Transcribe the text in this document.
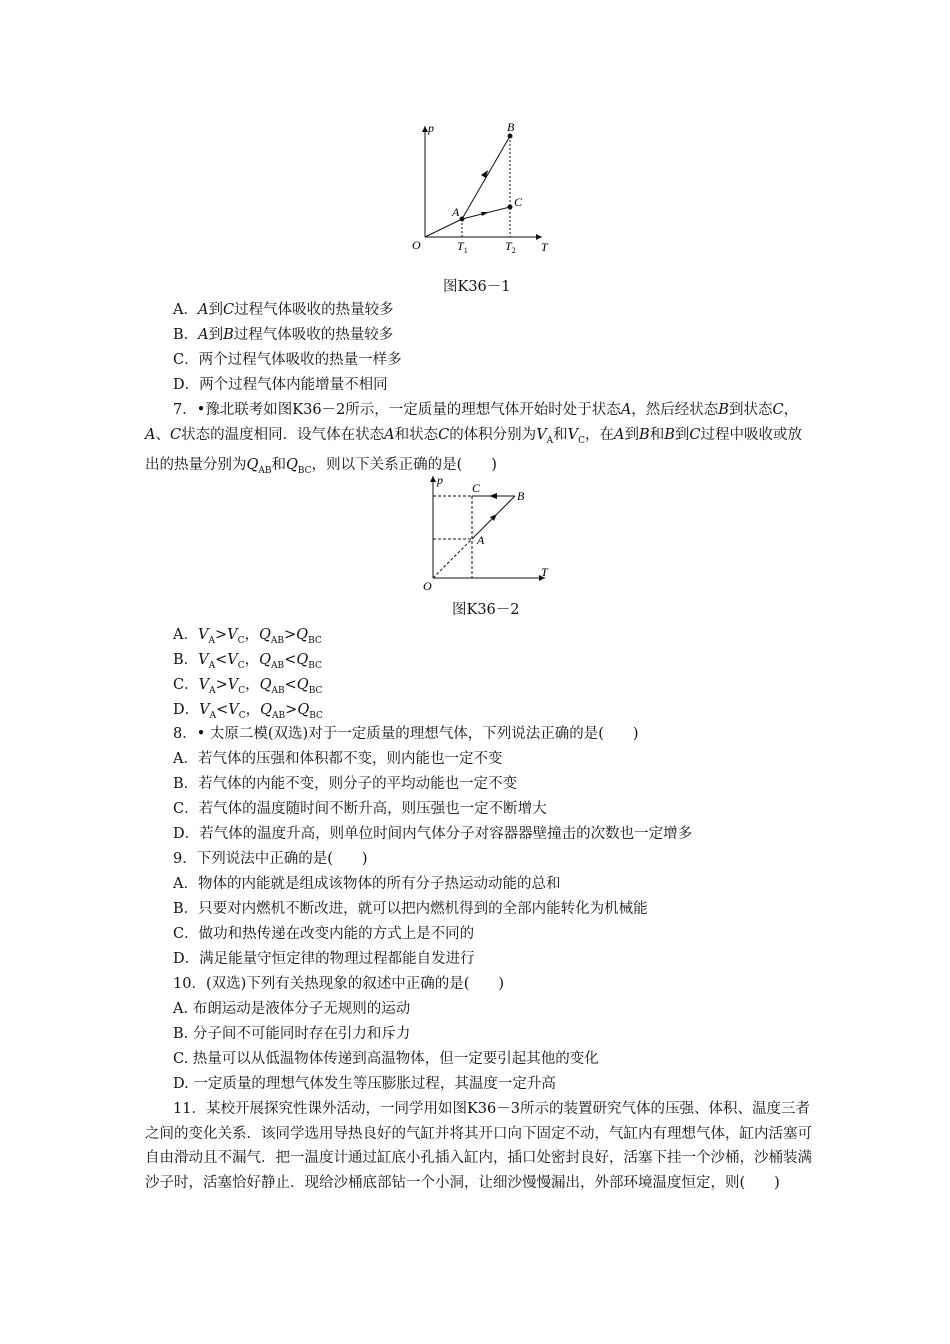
p
T
O
A
B
C
$T_1$	$T_2$
图K36－1
A．A到C过程气体吸收的热量较多
B．A到B过程气体吸收的热量较多
C．两个过程气体吸收的热量一样多
D．两个过程气体内能增量不相同
7．•豫北联考如图K36－2所示，一定质量的理想气体开始时处于状态A，然后经状态B到状态C，A、C状态的温度相同．设气体在状态A和状态C的体积分别为$V_A$和$V_C$，在A到B和B到C过程中吸收或放出的热量分别为$Q_{AB}$和$Q_{BC}$，则以下关系正确的是(　　)
p
T
O
A
B
C
图K36－2
A．$V_A>V_C$，$Q_{AB}>Q_{BC}$
B．$V_A<V_C$，$Q_{AB}<Q_{BC}$
C．$V_A>V_C$，$Q_{AB}<Q_{BC}$
D．$V_A<V_C$，$Q_{AB}>Q_{BC}$
8．• 太原二模(双选)对于一定质量的理想气体，下列说法正确的是(　　)
A．若气体的压强和体积都不变，则内能也一定不变
B．若气体的内能不变，则分子的平均动能也一定不变
C．若气体的温度随时间不断升高，则压强也一定不断增大
D．若气体的温度升高，则单位时间内气体分子对容器器壁撞击的次数也一定增多
9．下列说法中正确的是(　　)
A．物体的内能就是组成该物体的所有分子热运动动能的总和
B．只要对内燃机不断改进，就可以把内燃机得到的全部内能转化为机械能
C．做功和热传递在改变内能的方式上是不同的
D．满足能量守恒定律的物理过程都能自发进行
10．(双选)下列有关热现象的叙述中正确的是(　　)
A. 布朗运动是液体分子无规则的运动
B. 分子间不可能同时存在引力和斥力
C. 热量可以从低温物体传递到高温物体，但一定要引起其他的变化
D. 一定质量的理想气体发生等压膨胀过程，其温度一定升高
11．某校开展探究性课外活动，一同学用如图K36－3所示的装置研究气体的压强、体积、温度三者之间的变化关系．该同学选用导热良好的气缸并将其开口向下固定不动，气缸内有理想气体，缸内活塞可自由滑动且不漏气．把一温度计通过缸底小孔插入缸内，插口处密封良好，活塞下挂一个沙桶，沙桶装满沙子时，活塞恰好静止．现给沙桶底部钻一个小洞，让细沙慢慢漏出，外部环境温度恒定，则(　　)
